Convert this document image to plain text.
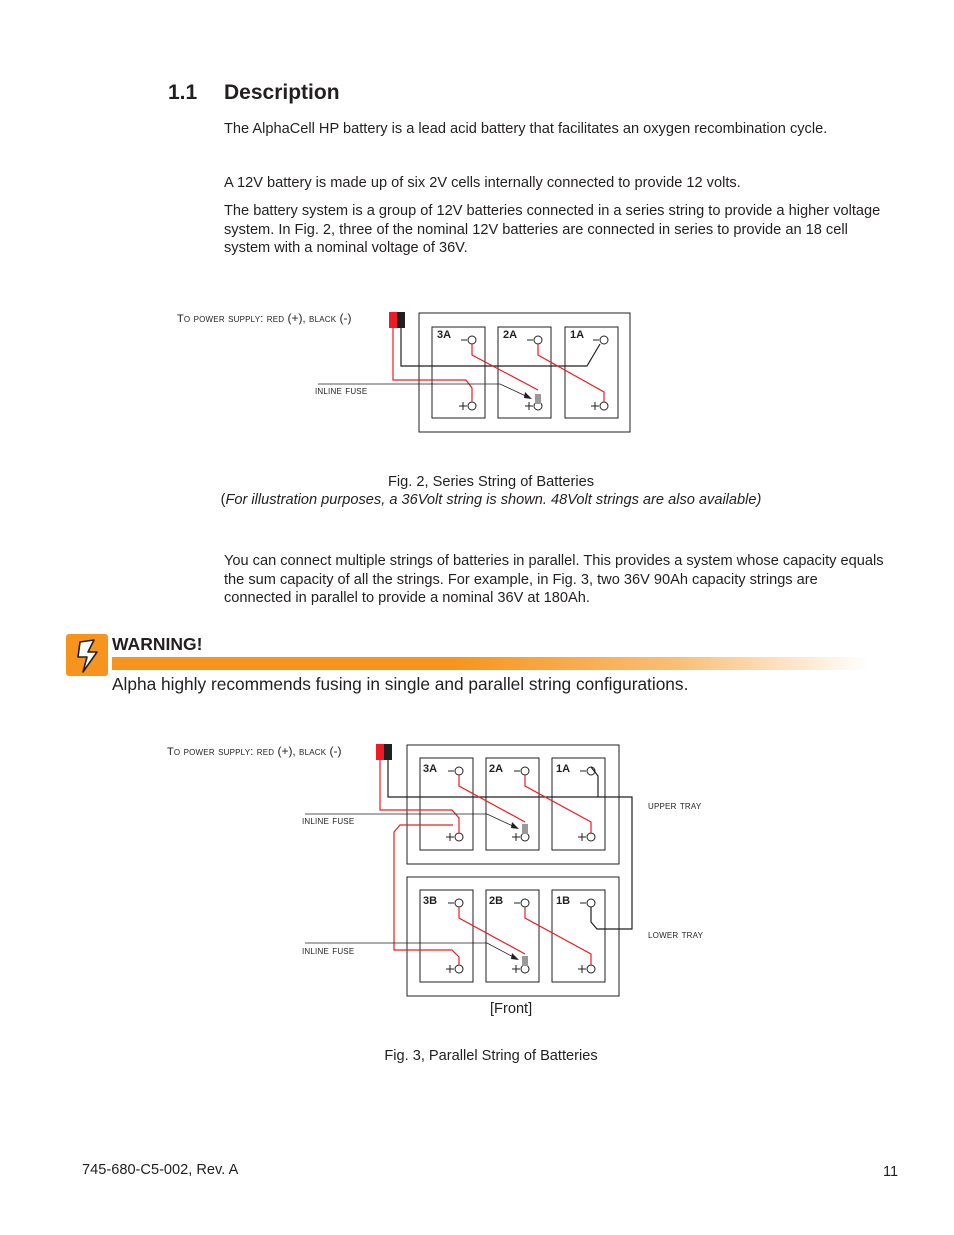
1.1 Description
The AlphaCell HP battery is a lead acid battery that facilitates an oxygen recombination cycle.
A 12V battery is made up of six 2V cells internally connected to provide 12 volts.
The battery system is a group of 12V batteries connected in a series string to provide a higher voltage system. In Fig. 2, three of the nominal 12V batteries are connected in series to provide an 18 cell system with a nominal voltage of 36V.
To power supply: red (+), black (-)
inline fuse
3A	2A	1A
Fig. 2, Series String of Batteries
(For illustration purposes, a 36Volt string is shown. 48Volt strings are also available)
You can connect multiple strings of batteries in parallel. This provides a system whose capacity equals the sum capacity of all the strings. For example, in Fig. 3, two 36V 90Ah capacity strings are connected in parallel to provide a nominal 36V at 180Ah.
WARNING!
Alpha highly recommends fusing in single and parallel string configurations.
To power supply: red (+), black (-)
inline fuse
inline fuse
upper tray
lower tray
3A	2A	1A
3B	2B	1B
[Front]
Fig. 3, Parallel String of Batteries
745-680-C5-002, Rev. A	11
